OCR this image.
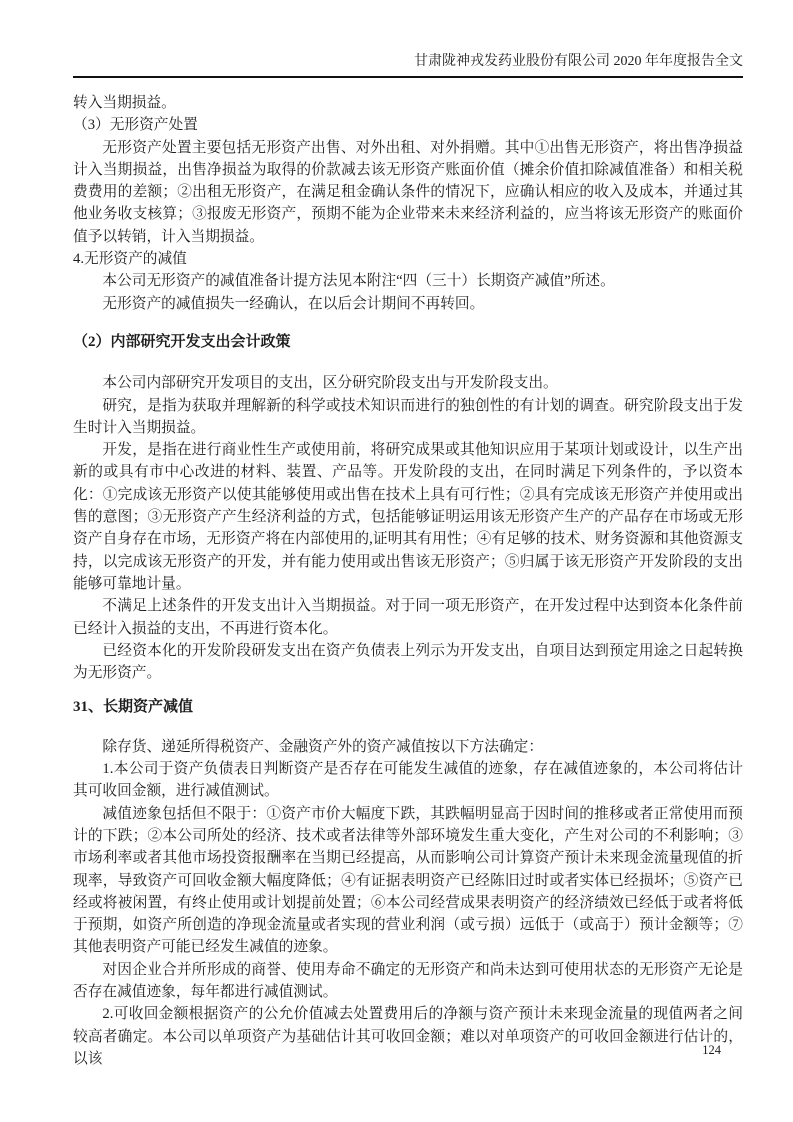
甘肃陇神戎发药业股份有限公司 2020 年年度报告全文

转入当期损益。

（3）无形资产处置

无形资产处置主要包括无形资产出售、对外出租、对外捐赠。其中①出售无形资产，将出售净损益计入当期损益，出售净损益为取得的价款减去该无形资产账面价值（摊余价值扣除减值准备）和相关税费费用的差额；②出租无形资产，在满足租金确认条件的情况下，应确认相应的收入及成本，并通过其他业务收支核算；③报废无形资产，预期不能为企业带来未来经济利益的，应当将该无形资产的账面价值予以转销，计入当期损益。

4.无形资产的减值

本公司无形资产的减值准备计提方法见本附注“四（三十）长期资产减值”所述。

无形资产的减值损失一经确认，在以后会计期间不再转回。

（2）内部研究开发支出会计政策

本公司内部研究开发项目的支出，区分研究阶段支出与开发阶段支出。

研究，是指为获取并理解新的科学或技术知识而进行的独创性的有计划的调查。研究阶段支出于发生时计入当期损益。

开发，是指在进行商业性生产或使用前，将研究成果或其他知识应用于某项计划或设计，以生产出新的或具有市中心改进的材料、装置、产品等。开发阶段的支出，在同时满足下列条件的，予以资本化：①完成该无形资产以使其能够使用或出售在技术上具有可行性；②具有完成该无形资产并使用或出售的意图；③无形资产产生经济利益的方式，包括能够证明运用该无形资产生产的产品存在市场或无形资产自身存在市场，无形资产将在内部使用的,证明其有用性；④有足够的技术、财务资源和其他资源支持，以完成该无形资产的开发，并有能力使用或出售该无形资产；⑤归属于该无形资产开发阶段的支出能够可靠地计量。

不满足上述条件的开发支出计入当期损益。对于同一项无形资产，在开发过程中达到资本化条件前已经计入损益的支出，不再进行资本化。

已经资本化的开发阶段研发支出在资产负债表上列示为开发支出，自项目达到预定用途之日起转换为无形资产。

31、长期资产减值

除存货、递延所得税资产、金融资产外的资产减值按以下方法确定：

1.本公司于资产负债表日判断资产是否存在可能发生减值的迹象，存在减值迹象的，本公司将估计其可收回金额，进行减值测试。

减值迹象包括但不限于：①资产市价大幅度下跌，其跌幅明显高于因时间的推移或者正常使用而预计的下跌；②本公司所处的经济、技术或者法律等外部环境发生重大变化，产生对公司的不利影响；③市场利率或者其他市场投资报酬率在当期已经提高，从而影响公司计算资产预计未来现金流量现值的折现率，导致资产可回收金额大幅度降低；④有证据表明资产已经陈旧过时或者实体已经损坏；⑤资产已经或将被闲置，有终止使用或计划提前处置；⑥本公司经营成果表明资产的经济绩效已经低于或者将低于预期，如资产所创造的净现金流量或者实现的营业利润（或亏损）远低于（或高于）预计金额等；⑦其他表明资产可能已经发生减值的迹象。

对因企业合并所形成的商誉、使用寿命不确定的无形资产和尚未达到可使用状态的无形资产无论是否存在减值迹象，每年都进行减值测试。

2.可收回金额根据资产的公允价值减去处置费用后的净额与资产预计未来现金流量的现值两者之间较高者确定。本公司以单项资产为基础估计其可收回金额；难以对单项资产的可收回金额进行估计的，以该

124
